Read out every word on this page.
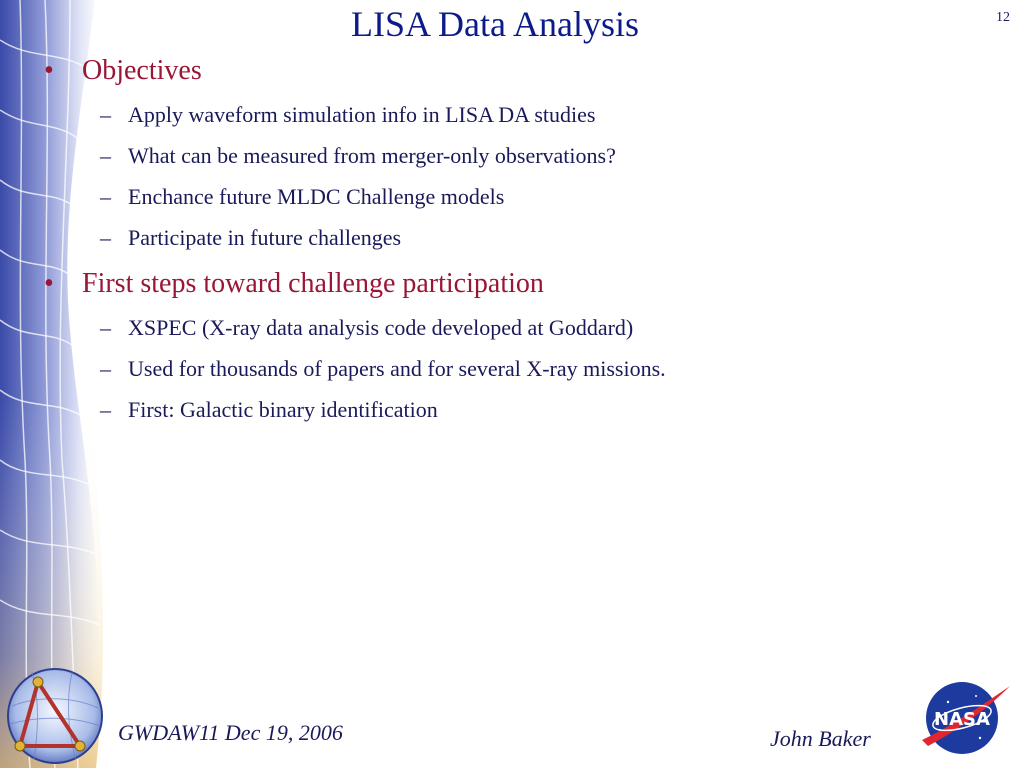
LISA Data Analysis	12
• Objectives
– Apply waveform simulation info in LISA DA studies
– What can be measured from merger-only observations?
– Enchance future MLDC Challenge models
– Participate in future challenges
• First steps toward challenge participation
– XSPEC (X-ray data analysis code developed at Goddard)
– Used for thousands of papers and for several X-ray missions.
– First: Galactic binary identification
GWDAW11 Dec 19, 2006	John Baker
NASA
